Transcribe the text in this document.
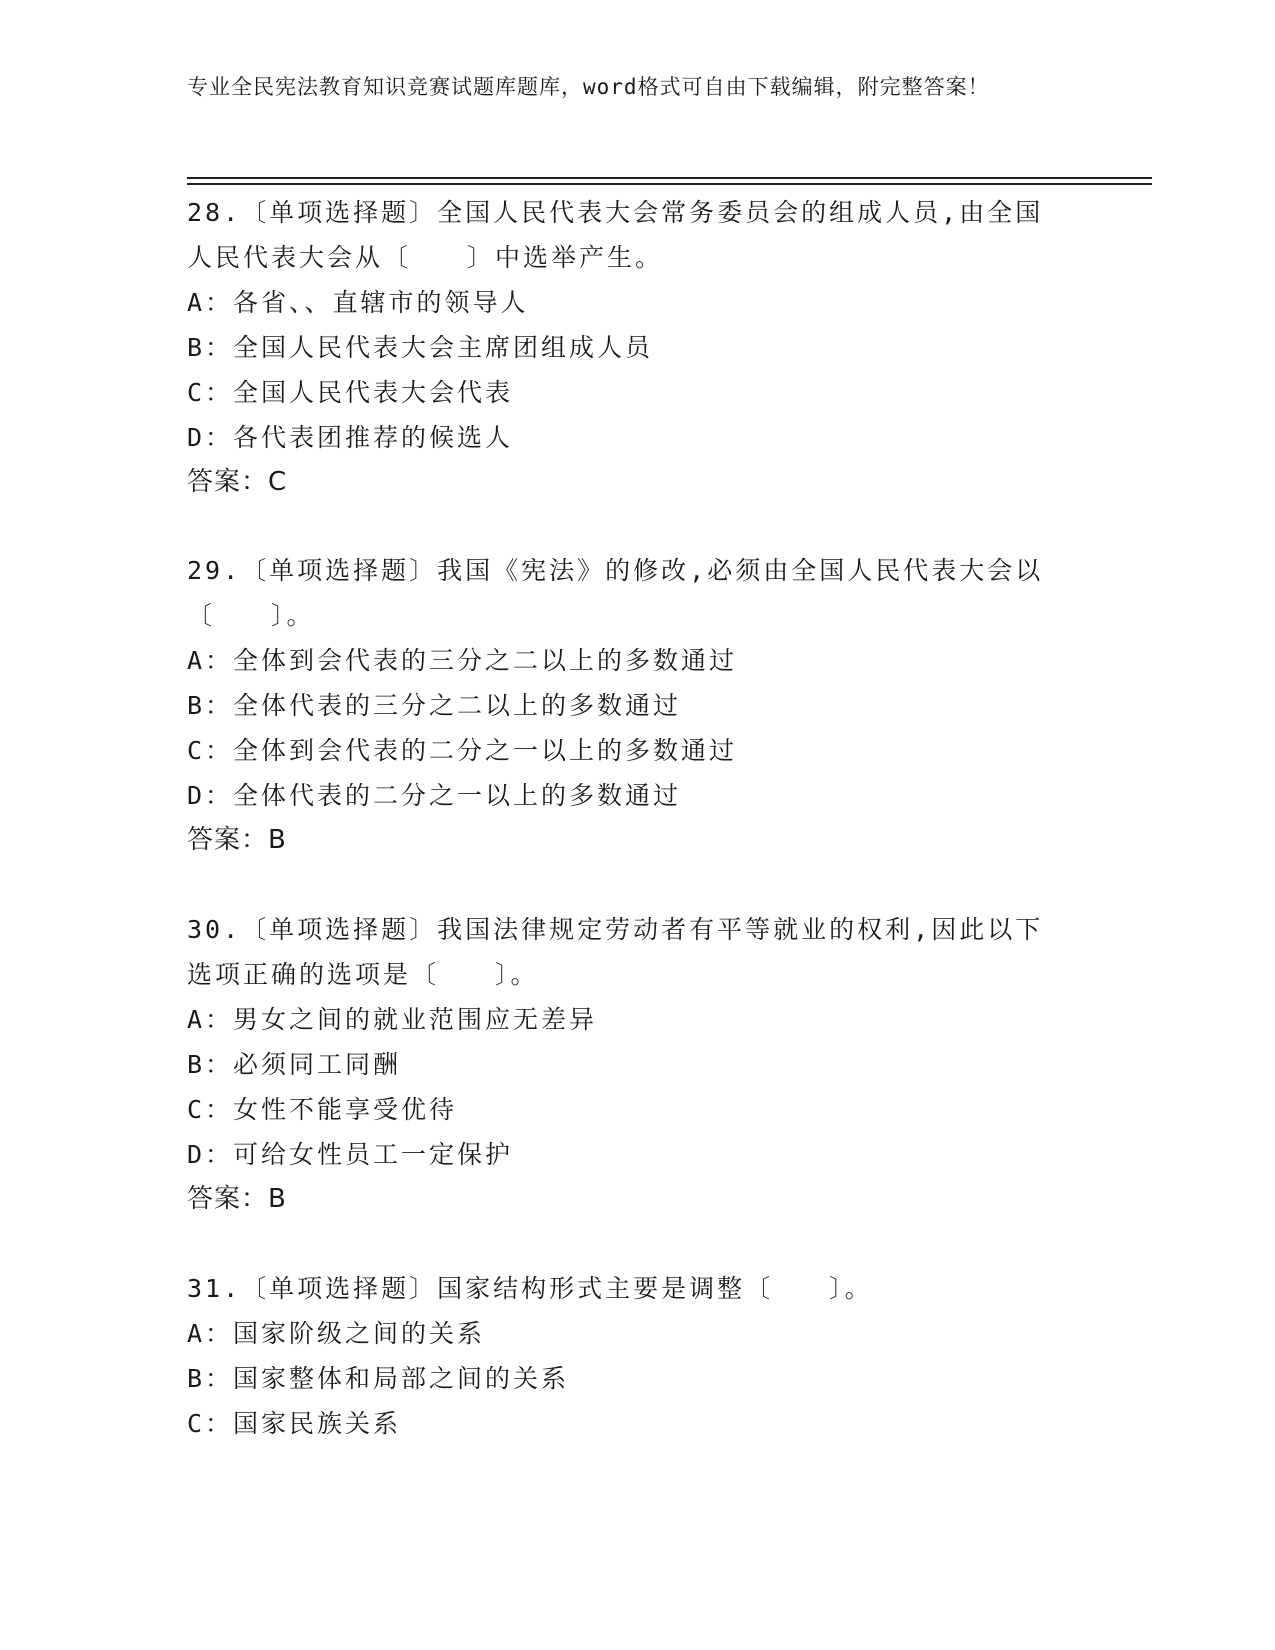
专业全民宪法教育知识竞赛试题库题库，word格式可自由下载编辑，附完整答案！

28.〔单项选择题〕全国人民代表大会常务委员会的组成人员,由全国人民代表大会从〔　　〕中选举产生。

A：各省、、直辖市的领导人

B：全国人民代表大会主席团组成人员

C：全国人民代表大会代表

D：各代表团推荐的候选人

答案：C

29.〔单项选择题〕我国《宪法》的修改,必须由全国人民代表大会以〔　　〕。

A：全体到会代表的三分之二以上的多数通过

B：全体代表的三分之二以上的多数通过

C：全体到会代表的二分之一以上的多数通过

D：全体代表的二分之一以上的多数通过

答案：B

30.〔单项选择题〕我国法律规定劳动者有平等就业的权利,因此以下选项正确的选项是〔　　〕。

A：男女之间的就业范围应无差异

B：必须同工同酬

C：女性不能享受优待

D：可给女性员工一定保护

答案：B

31.〔单项选择题〕国家结构形式主要是调整〔　　〕。

A：国家阶级之间的关系

B：国家整体和局部之间的关系

C：国家民族关系
